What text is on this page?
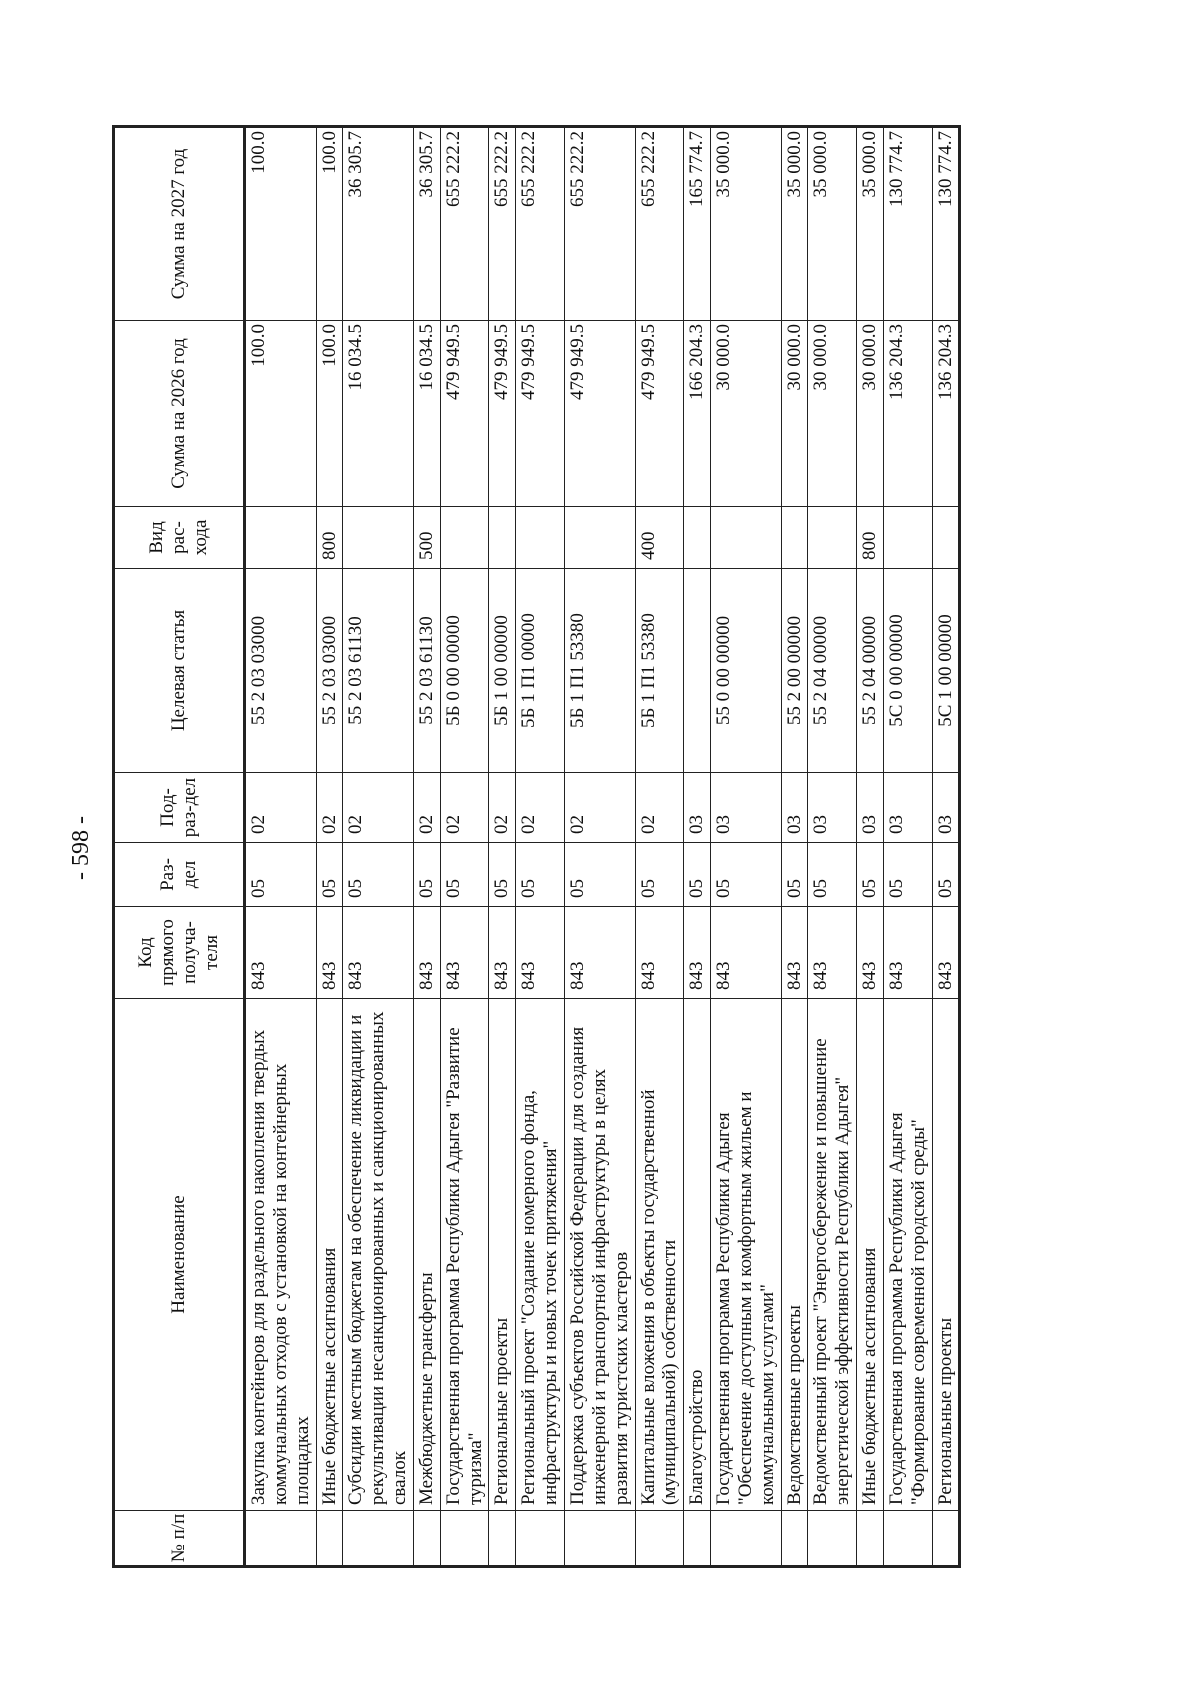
- 598 -
№ п/п	Наименование	Код прямого получа-теля	Раз-дел	Под-раз-дел	Целевая статья	Вид рас-хода	Сумма на 2026 год	Сумма на 2027 год
	Закупка контейнеров для раздельного накопления твердых коммунальных отходов с установкой на контейнерных площадках	843	05	02	55 2 03 03000		100.0	100.0
	Иные бюджетные ассигнования	843	05	02	55 2 03 03000	800	100.0	100.0
	Субсидии местным бюджетам на обеспечение ликвидации и рекультивации несанкционированных и санкционированных свалок	843	05	02	55 2 03 61130		16 034.5	36 305.7
	Межбюджетные трансферты	843	05	02	55 2 03 61130	500	16 034.5	36 305.7
	Государственная программа Республики Адыгея "Развитие туризма"	843	05	02	5Б 0 00 00000		479 949.5	655 222.2
	Региональные проекты	843	05	02	5Б 1 00 00000		479 949.5	655 222.2
	Региональный проект "Создание номерного фонда, инфраструктуры и новых точек притяжения"	843	05	02	5Б 1 П1 00000		479 949.5	655 222.2
	Поддержка субъектов Российской Федерации для создания инженерной и транспортной инфраструктуры в целях развития туристских кластеров	843	05	02	5Б 1 П1 53380		479 949.5	655 222.2
	Капитальные вложения в объекты государственной (муниципальной) собственности	843	05	02	5Б 1 П1 53380	400	479 949.5	655 222.2
	Благоустройство	843	05	03			166 204.3	165 774.7
	Государственная программа Республики Адыгея "Обеспечение доступным и комфортным жильем и коммунальными услугами"	843	05	03	55 0 00 00000		30 000.0	35 000.0
	Ведомственные проекты	843	05	03	55 2 00 00000		30 000.0	35 000.0
	Ведомственный проект "Энергосбережение и повышение энергетической эффективности Республики Адыгея"	843	05	03	55 2 04 00000		30 000.0	35 000.0
	Иные бюджетные ассигнования	843	05	03	55 2 04 00000	800	30 000.0	35 000.0
	Государственная программа Республики Адыгея "Формирование современной городской среды"	843	05	03	5С 0 00 00000		136 204.3	130 774.7
	Региональные проекты	843	05	03	5С 1 00 00000		136 204.3	130 774.7
